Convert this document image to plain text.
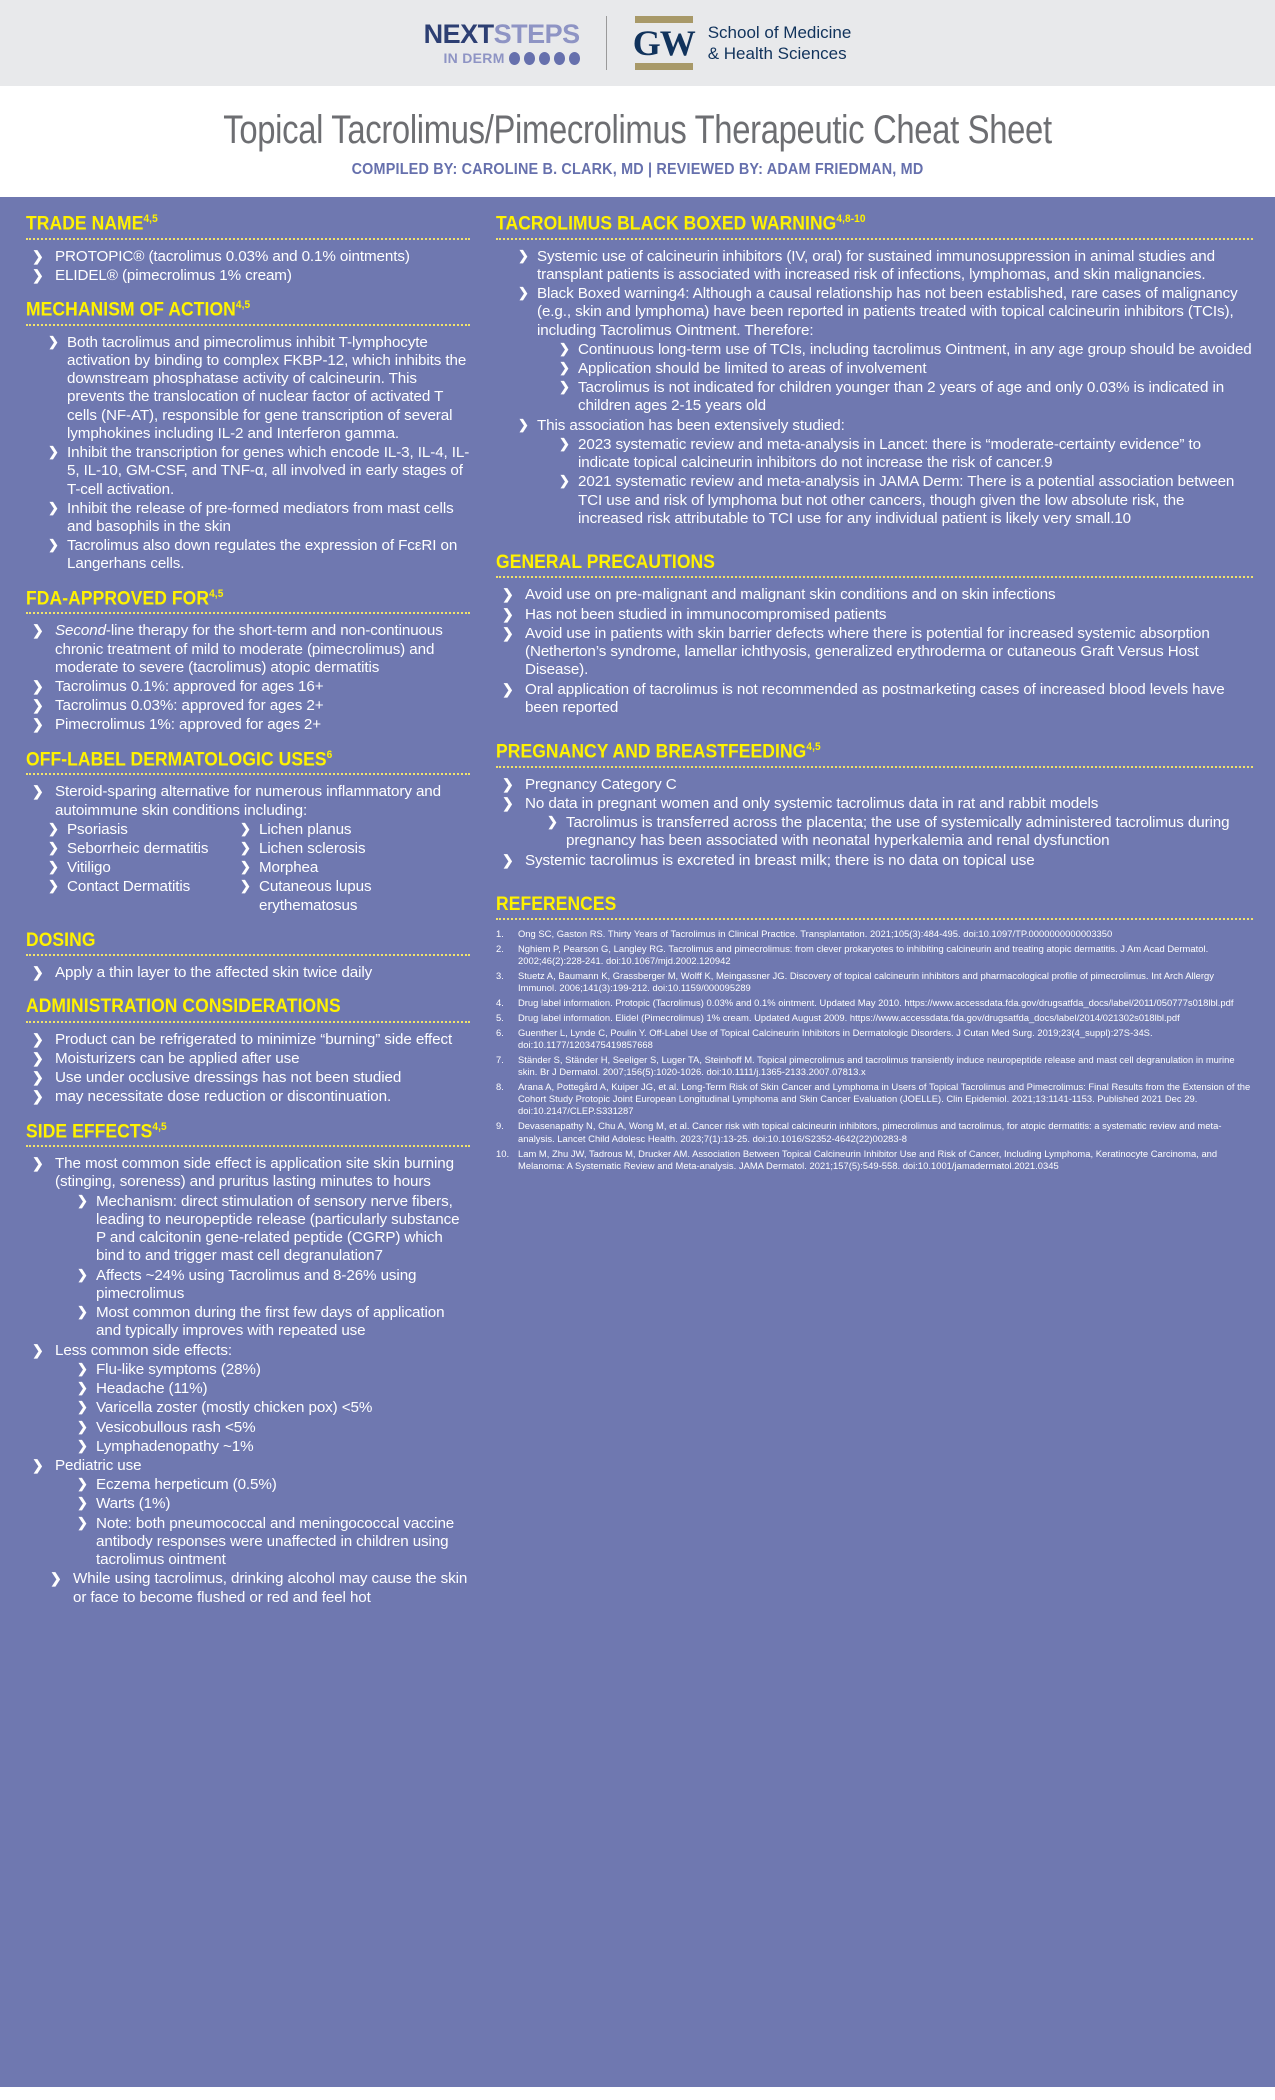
NEXTSTEPS
IN DERM	GW School of Medicine
& Health Sciences
Topical Tacrolimus/Pimecrolimus Therapeutic Cheat Sheet
COMPILED BY: CAROLINE B. CLARK, MD | REVIEWED BY: ADAM FRIEDMAN, MD
TRADE NAME$^{4,5}$
❯ PROTOPIC® (tacrolimus 0.03% and 0.1% ointments)
❯ ELIDEL® (pimecrolimus 1% cream)
MECHANISM OF ACTION$^{4,5}$
❯ Both tacrolimus and pimecrolimus inhibit T-lymphocyte activation by binding to complex FKBP-12, which inhibits the downstream phosphatase activity of calcineurin. This prevents the translocation of nuclear factor of activated T cells (NF-AT), responsible for gene transcription of several lymphokines including IL-2 and Interferon gamma.
❯ Inhibit the transcription for genes which encode IL-3, IL-4, IL-5, IL-10, GM-CSF, and TNF-α, all involved in early stages of T-cell activation.
❯ Inhibit the release of pre-formed mediators from mast cells and basophils in the skin
❯ Tacrolimus also down regulates the expression of FcεRI on Langerhans cells.
FDA-APPROVED FOR$^{4,5}$
❯ Second-line therapy for the short-term and non-continuous chronic treatment of mild to moderate (pimecrolimus) and moderate to severe (tacrolimus) atopic dermatitis
❯ Tacrolimus 0.1%: approved for ages 16+
❯ Tacrolimus 0.03%: approved for ages 2+
❯ Pimecrolimus 1%: approved for ages 2+
OFF-LABEL DERMATOLOGIC USES$^6$
❯ Steroid-sparing alternative for numerous inflammatory and autoimmune skin conditions including:
❯ Psoriasis
❯ Seborrheic dermatitis
❯ Vitiligo
❯ Contact Dermatitis
❯ Lichen planus
❯ Lichen sclerosis
❯ Morphea
❯ Cutaneous lupus erythematosus
DOSING
❯ Apply a thin layer to the affected skin twice daily
ADMINISTRATION CONSIDERATIONS
❯ Product can be refrigerated to minimize “burning” side effect
❯ Moisturizers can be applied after use
❯ Use under occlusive dressings has not been studied
❯ may necessitate dose reduction or discontinuation.
SIDE EFFECTS$^{4,5}$
❯ The most common side effect is application site skin burning (stinging, soreness) and pruritus lasting minutes to hours
❯ Mechanism: direct stimulation of sensory nerve fibers, leading to neuropeptide release (particularly substance P and calcitonin gene-related peptide (CGRP) which bind to and trigger mast cell degranulation7
❯ Affects ~24% using Tacrolimus and 8-26% using pimecrolimus
❯ Most common during the first few days of application and typically improves with repeated use
❯ Less common side effects:
❯ Flu-like symptoms (28%)
❯ Headache (11%)
❯ Varicella zoster (mostly chicken pox) <5%
❯ Vesicobullous rash <5%
❯ Lymphadenopathy ~1%
❯ Pediatric use
❯ Eczema herpeticum (0.5%)
❯ Warts (1%)
❯ Note: both pneumococcal and meningococcal vaccine antibody responses were unaffected in children using tacrolimus ointment
❯ While using tacrolimus, drinking alcohol may cause the skin or face to become flushed or red and feel hot
TACROLIMUS BLACK BOXED WARNING$^{4,8-10}$
❯ Systemic use of calcineurin inhibitors (IV, oral) for sustained immunosuppression in animal studies and transplant patients is associated with increased risk of infections, lymphomas, and skin malignancies.
❯ Black Boxed warning4: Although a causal relationship has not been established, rare cases of malignancy (e.g., skin and lymphoma) have been reported in patients treated with topical calcineurin inhibitors (TCIs), including Tacrolimus Ointment. Therefore:
❯ Continuous long-term use of TCIs, including tacrolimus Ointment, in any age group should be avoided
❯ Application should be limited to areas of involvement
❯ Tacrolimus is not indicated for children younger than 2 years of age and only 0.03% is indicated in children ages 2-15 years old
❯ This association has been extensively studied:
❯ 2023 systematic review and meta-analysis in Lancet: there is “moderate-certainty evidence” to indicate topical calcineurin inhibitors do not increase the risk of cancer.9
❯ 2021 systematic review and meta-analysis in JAMA Derm: There is a potential association between TCI use and risk of lymphoma but not other cancers, though given the low absolute risk, the increased risk attributable to TCI use for any individual patient is likely very small.10
GENERAL PRECAUTIONS
❯ Avoid use on pre-malignant and malignant skin conditions and on skin infections
❯ Has not been studied in immunocompromised patients
❯ Avoid use in patients with skin barrier defects where there is potential for increased systemic absorption (Netherton’s syndrome, lamellar ichthyosis, generalized erythroderma or cutaneous Graft Versus Host Disease).
❯ Oral application of tacrolimus is not recommended as postmarketing cases of increased blood levels have been reported
PREGNANCY AND BREASTFEEDING$^{4,5}$
❯ Pregnancy Category C
❯ No data in pregnant women and only systemic tacrolimus data in rat and rabbit models
❯ Tacrolimus is transferred across the placenta; the use of systemically administered tacrolimus during pregnancy has been associated with neonatal hyperkalemia and renal dysfunction
❯ Systemic tacrolimus is excreted in breast milk; there is no data on topical use
REFERENCES
1.	Ong SC, Gaston RS. Thirty Years of Tacrolimus in Clinical Practice. Transplantation. 2021;105(3):484-495. doi:10.1097/TP.0000000000003350
2.	Nghiem P, Pearson G, Langley RG. Tacrolimus and pimecrolimus: from clever prokaryotes to inhibiting calcineurin and treating atopic dermatitis. J Am Acad Dermatol. 2002;46(2):228-241. doi:10.1067/mjd.2002.120942
3.	Stuetz A, Baumann K, Grassberger M, Wolff K, Meingassner JG. Discovery of topical calcineurin inhibitors and pharmacological profile of pimecrolimus. Int Arch Allergy Immunol. 2006;141(3):199-212. doi:10.1159/000095289
4.	Drug label information. Protopic (Tacrolimus) 0.03% and 0.1% ointment. Updated May 2010. https://www.accessdata.fda.gov/drugsatfda_docs/label/2011/050777s018lbl.pdf
5.	Drug label information. Elidel (Pimecrolimus) 1% cream. Updated August 2009. https://www.accessdata.fda.gov/drugsatfda_docs/label/2014/021302s018lbl.pdf
6.	Guenther L, Lynde C, Poulin Y. Off-Label Use of Topical Calcineurin Inhibitors in Dermatologic Disorders. J Cutan Med Surg. 2019;23(4_suppl):27S-34S. doi:10.1177/1203475419857668
7.	Ständer S, Ständer H, Seeliger S, Luger TA, Steinhoff M. Topical pimecrolimus and tacrolimus transiently induce neuropeptide release and mast cell degranulation in murine skin. Br J Dermatol. 2007;156(5):1020-1026. doi:10.1111/j.1365-2133.2007.07813.x
8.	Arana A, Pottegård A, Kuiper JG, et al. Long-Term Risk of Skin Cancer and Lymphoma in Users of Topical Tacrolimus and Pimecrolimus: Final Results from the Extension of the Cohort Study Protopic Joint European Longitudinal Lymphoma and Skin Cancer Evaluation (JOELLE). Clin Epidemiol. 2021;13:1141-1153. Published 2021 Dec 29. doi:10.2147/CLEP.S331287
9.	Devasenapathy N, Chu A, Wong M, et al. Cancer risk with topical calcineurin inhibitors, pimecrolimus and tacrolimus, for atopic dermatitis: a systematic review and meta-analysis. Lancet Child Adolesc Health. 2023;7(1):13-25. doi:10.1016/S2352-4642(22)00283-8
10. Lam M, Zhu JW, Tadrous M, Drucker AM. Association Between Topical Calcineurin Inhibitor Use and Risk of Cancer, Including Lymphoma, Keratinocyte Carcinoma, and Melanoma: A Systematic Review and Meta-analysis. JAMA Dermatol. 2021;157(5):549-558. doi:10.1001/jamadermatol.2021.0345
